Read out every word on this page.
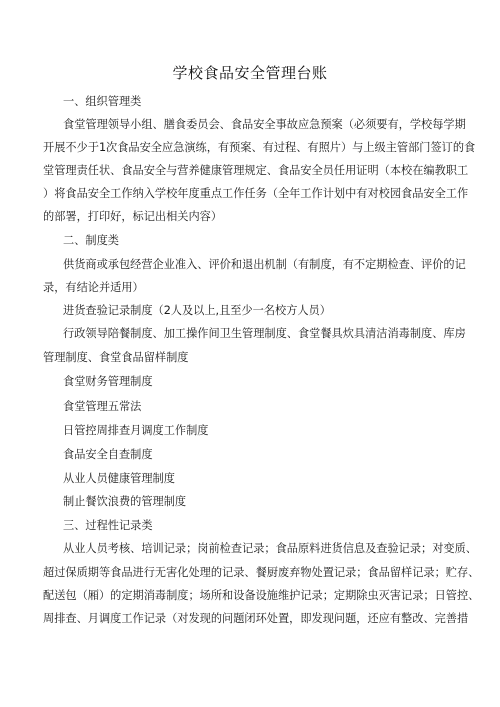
学校食品安全管理台账
一、组织管理类
食堂管理领导小组、膳食委员会、食品安全事故应急预案（必须要有，学校每学期
开展不少于1次食品安全应急演练，有预案、有过程、有照片）与上级主管部门签订的食
堂管理责任状、食品安全与营养健康管理规定、食品安全员任用证明（本校在编教职工
）将食品安全工作纳入学校年度重点工作任务（全年工作计划中有对校园食品安全工作
的部署，打印好，标记出相关内容）
二、制度类
供货商或承包经营企业准入、评价和退出机制（有制度，有不定期检查、评价的记
录，有结论并适用）
进货查验记录制度（2人及以上,且至少一名校方人员）
行政领导陪餐制度、加工操作间卫生管理制度、食堂餐具炊具清洁消毒制度、库房
管理制度、食堂食品留样制度
食堂财务管理制度
食堂管理五常法
日管控周排查月调度工作制度
食品安全自查制度
从业人员健康管理制度
制止餐饮浪费的管理制度
三、过程性记录类
从业人员考核、培训记录；岗前检查记录；食品原料进货信息及查验记录；对变质、
超过保质期等食品进行无害化处理的记录、餐厨废弃物处置记录；食品留样记录；贮存、
配送包（厢）的定期消毒制度；场所和设备设施维护记录；定期除虫灭害记录；日管控、
周排查、月调度工作记录（对发现的问题闭环处置，即发现问题，还应有整改、完善措
